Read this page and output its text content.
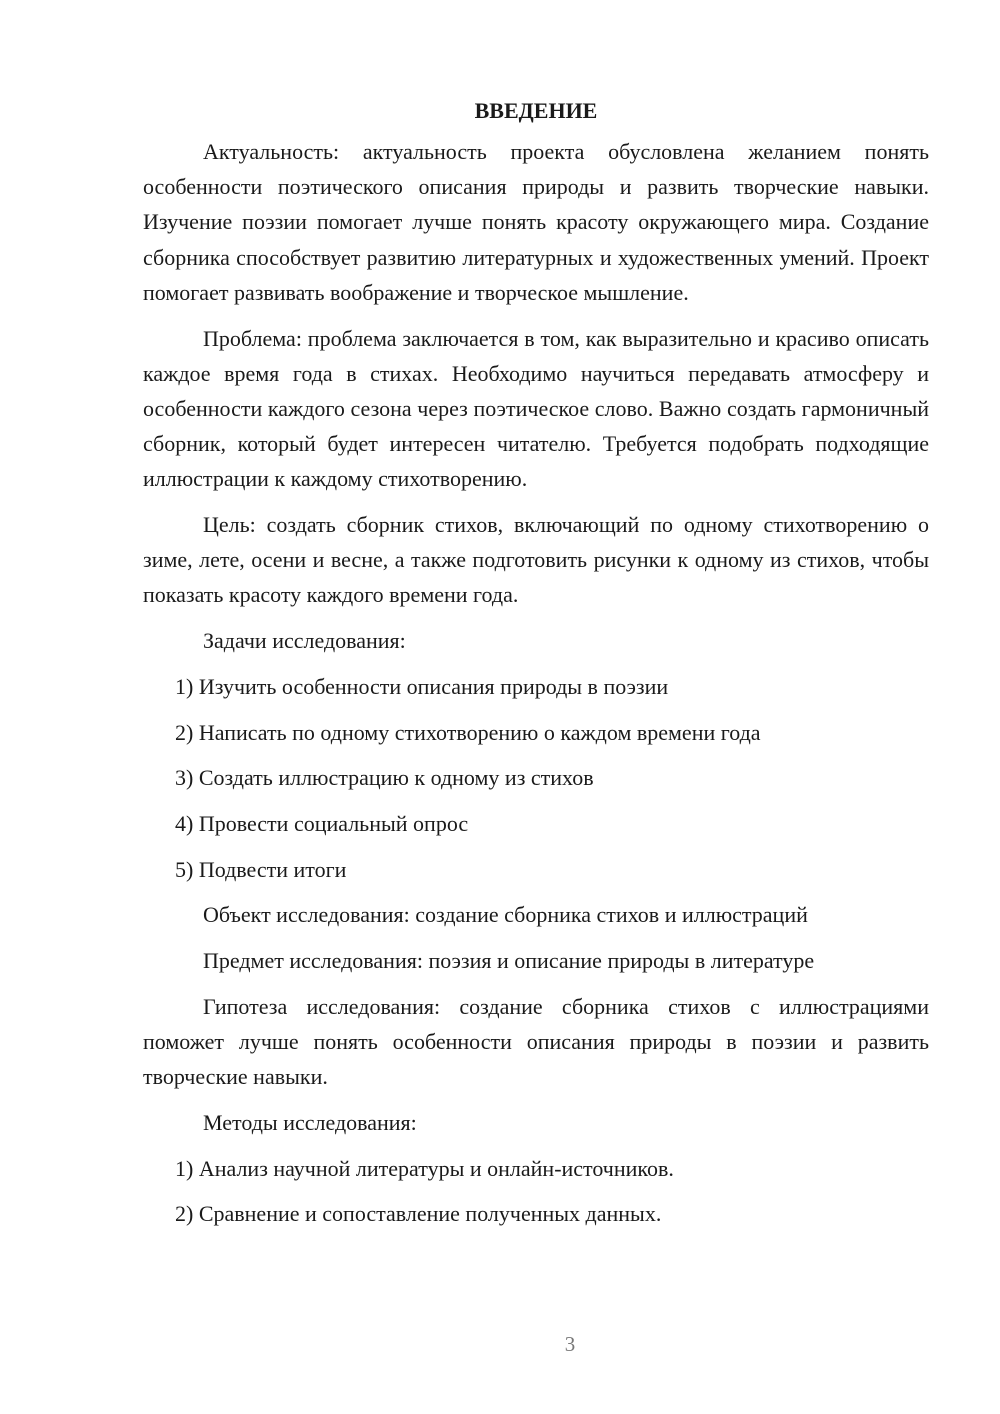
ВВЕДЕНИЕ

Актуальность: актуальность проекта обусловлена желанием понять особенности поэтического описания природы и развить творческие навыки. Изучение поэзии помогает лучше понять красоту окружающего мира. Создание сборника способствует развитию литературных и художественных умений. Проект помогает развивать воображение и творческое мышление.

Проблема: проблема заключается в том, как выразительно и красиво описать каждое время года в стихах. Необходимо научиться передавать атмосферу и особенности каждого сезона через поэтическое слово. Важно создать гармоничный сборник, который будет интересен читателю. Требуется подобрать подходящие иллюстрации к каждому стихотворению.

Цель: создать сборник стихов, включающий по одному стихотворению о зиме, лете, осени и весне, а также подготовить рисунки к одному из стихов, чтобы показать красоту каждого времени года.

Задачи исследования:
1) Изучить особенности описания природы в поэзии
2) Написать по одному стихотворению о каждом времени года
3) Создать иллюстрацию к одному из стихов
4) Провести социальный опрос
5) Подвести итоги
Объект исследования: создание сборника стихов и иллюстраций
Предмет исследования: поэзия и описание природы в литературе

Гипотеза исследования: создание сборника стихов с иллюстрациями поможет лучше понять особенности описания природы в поэзии и развить творческие навыки.

Методы исследования:
1) Анализ научной литературы и онлайн-источников.
2) Сравнение и сопоставление полученных данных.
3
